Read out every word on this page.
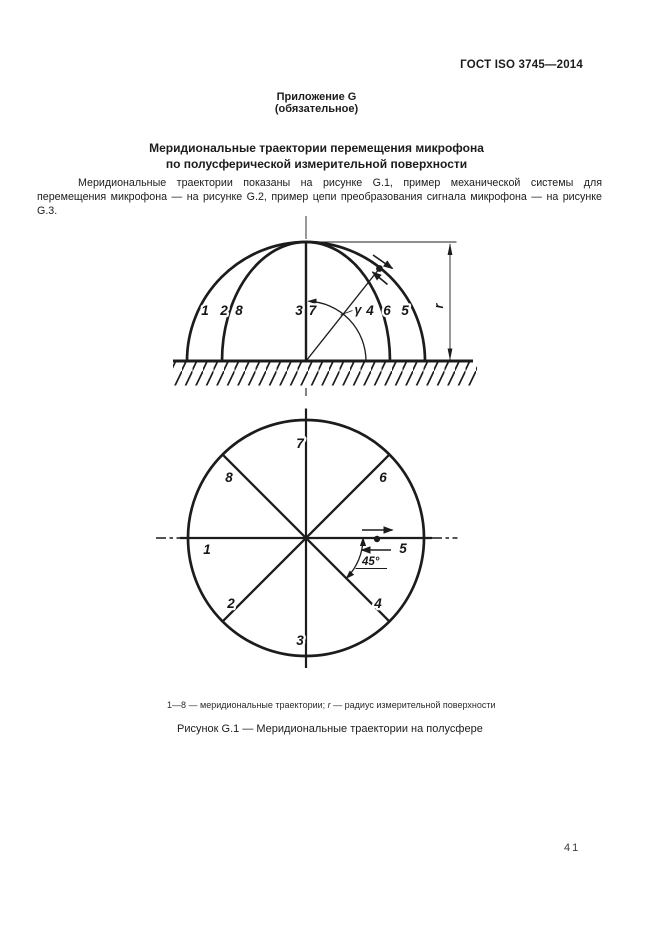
ГОСТ ISO 3745—2014
Приложение G
(обязательное)
Меридиональные траектории перемещения микрофона
по полусферической измерительной поверхности

Меридиональные траектории показаны на рисунке G.1, пример механической системы для перемещения микрофона — на рисунке G.2, пример цепи преобразования сигнала микрофона — на рисунке G.3.

1 2 8	3 7	γ 4 6 5 r
7
8	6
1	5
2	4
3
45°
1—8 — меридиональные траектории; r — радиус измерительной поверхности
Рисунок G.1 — Меридиональные траектории на полусфере
41
